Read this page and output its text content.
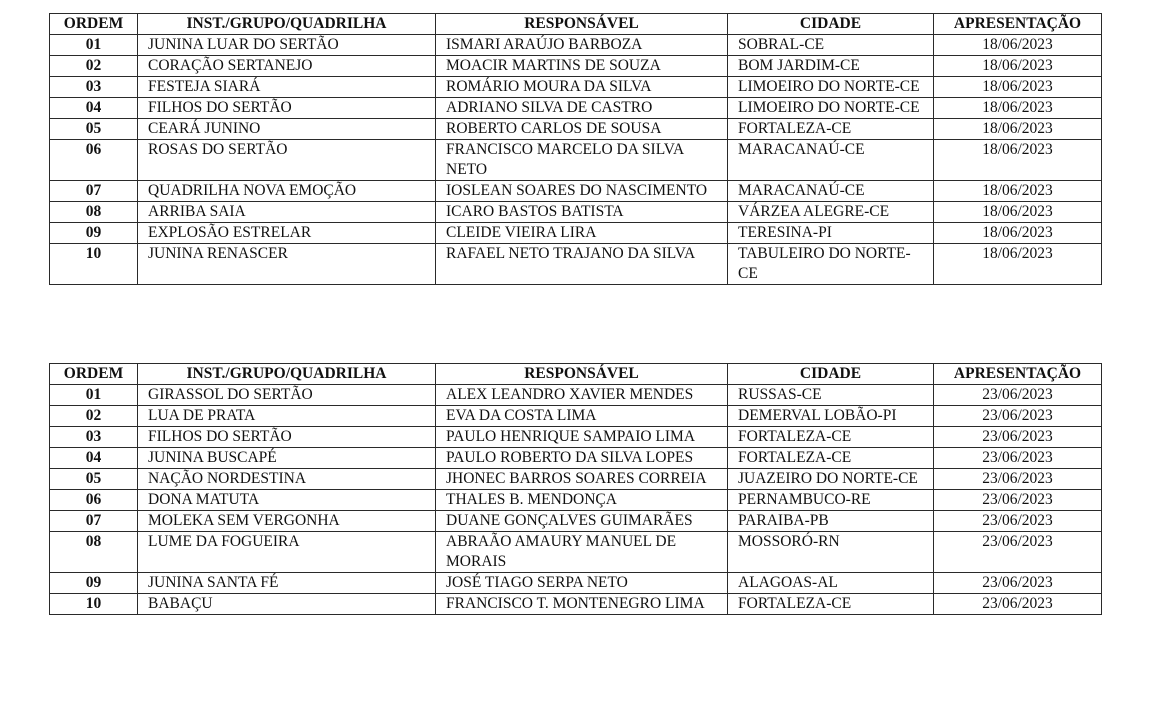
ORDEM	INST./GRUPO/QUADRILHA	RESPONSÁVEL	CIDADE	APRESENTAÇÃO
01	JUNINA LUAR DO SERTÃO	ISMARI ARAÚJO BARBOZA	SOBRAL-CE	18/06/2023
02	CORAÇÃO SERTANEJO	MOACIR MARTINS DE SOUZA	BOM JARDIM-CE	18/06/2023
03	FESTEJA SIARÁ	ROMÁRIO MOURA DA SILVA	LIMOEIRO DO NORTE-CE	18/06/2023
04	FILHOS DO SERTÃO	ADRIANO SILVA DE CASTRO	LIMOEIRO DO NORTE-CE	18/06/2023
05	CEARÁ JUNINO	ROBERTO CARLOS DE SOUSA	FORTALEZA-CE	18/06/2023
06	ROSAS DO SERTÃO	FRANCISCO MARCELO DA SILVA NETO	MARACANAÚ-CE	18/06/2023
07	QUADRILHA NOVA EMOÇÃO	IOSLEAN SOARES DO NASCIMENTO	MARACANAÚ-CE	18/06/2023
08	ARRIBA SAIA	ICARO BASTOS BATISTA	VÁRZEA ALEGRE-CE	18/06/2023
09	EXPLOSÃO ESTRELAR	CLEIDE VIEIRA LIRA	TERESINA-PI	18/06/2023
10	JUNINA RENASCER	RAFAEL NETO TRAJANO DA SILVA	TABULEIRO DO NORTE-CE	18/06/2023
ORDEM	INST./GRUPO/QUADRILHA	RESPONSÁVEL	CIDADE	APRESENTAÇÃO
01	GIRASSOL DO SERTÃO	ALEX LEANDRO XAVIER MENDES	RUSSAS-CE	23/06/2023
02	LUA DE PRATA	EVA DA COSTA LIMA	DEMERVAL LOBÃO-PI	23/06/2023
03	FILHOS DO SERTÃO	PAULO HENRIQUE SAMPAIO LIMA	FORTALEZA-CE	23/06/2023
04	JUNINA BUSCAPÉ	PAULO ROBERTO DA SILVA LOPES	FORTALEZA-CE	23/06/2023
05	NAÇÃO NORDESTINA	JHONEC BARROS SOARES CORREIA	JUAZEIRO DO NORTE-CE	23/06/2023
06	DONA MATUTA	THALES B. MENDONÇA	PERNAMBUCO-RE	23/06/2023
07	MOLEKA SEM VERGONHA	DUANE GONÇALVES GUIMARÃES	PARAIBA-PB	23/06/2023
08	LUME DA FOGUEIRA	ABRAÃO AMAURY MANUEL DE MORAIS	MOSSORÓ-RN	23/06/2023
09	JUNINA SANTA FÉ	JOSÉ TIAGO SERPA NETO	ALAGOAS-AL	23/06/2023
10	BABAÇU	FRANCISCO T. MONTENEGRO LIMA	FORTALEZA-CE	23/06/2023
